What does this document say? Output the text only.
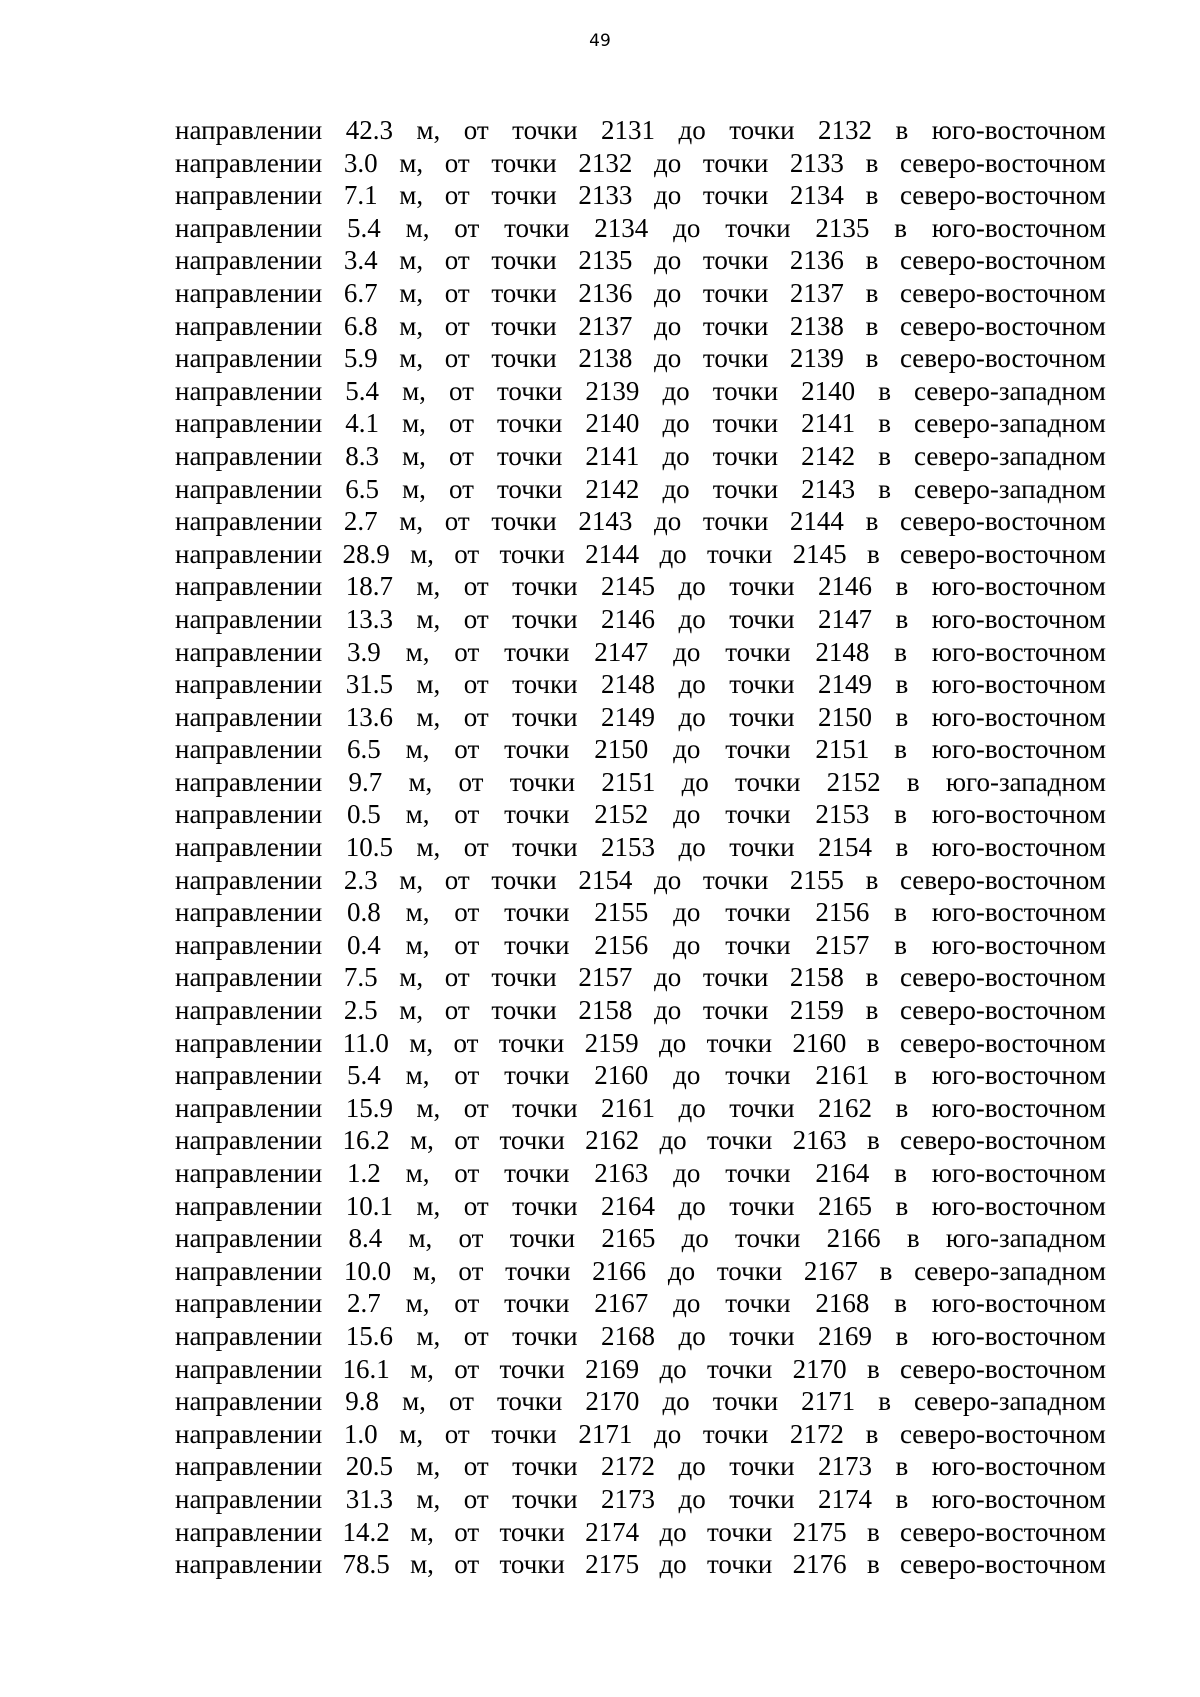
49
направлении 42.3 м, от точки 2131 до точки 2132 в юго-восточном
направлении 3.0 м, от точки 2132 до точки 2133 в северо-восточном
направлении 7.1 м, от точки 2133 до точки 2134 в северо-восточном
направлении 5.4 м, от точки 2134 до точки 2135 в юго-восточном
направлении 3.4 м, от точки 2135 до точки 2136 в северо-восточном
направлении 6.7 м, от точки 2136 до точки 2137 в северо-восточном
направлении 6.8 м, от точки 2137 до точки 2138 в северо-восточном
направлении 5.9 м, от точки 2138 до точки 2139 в северо-восточном
направлении 5.4 м, от точки 2139 до точки 2140 в северо-западном
направлении 4.1 м, от точки 2140 до точки 2141 в северо-западном
направлении 8.3 м, от точки 2141 до точки 2142 в северо-западном
направлении 6.5 м, от точки 2142 до точки 2143 в северо-западном
направлении 2.7 м, от точки 2143 до точки 2144 в северо-восточном
направлении 28.9 м, от точки 2144 до точки 2145 в северо-восточном
направлении 18.7 м, от точки 2145 до точки 2146 в юго-восточном
направлении 13.3 м, от точки 2146 до точки 2147 в юго-восточном
направлении 3.9 м, от точки 2147 до точки 2148 в юго-восточном
направлении 31.5 м, от точки 2148 до точки 2149 в юго-восточном
направлении 13.6 м, от точки 2149 до точки 2150 в юго-восточном
направлении 6.5 м, от точки 2150 до точки 2151 в юго-восточном
направлении 9.7 м, от точки 2151 до точки 2152 в юго-западном
направлении 0.5 м, от точки 2152 до точки 2153 в юго-восточном
направлении 10.5 м, от точки 2153 до точки 2154 в юго-восточном
направлении 2.3 м, от точки 2154 до точки 2155 в северо-восточном
направлении 0.8 м, от точки 2155 до точки 2156 в юго-восточном
направлении 0.4 м, от точки 2156 до точки 2157 в юго-восточном
направлении 7.5 м, от точки 2157 до точки 2158 в северо-восточном
направлении 2.5 м, от точки 2158 до точки 2159 в северо-восточном
направлении 11.0 м, от точки 2159 до точки 2160 в северо-восточном
направлении 5.4 м, от точки 2160 до точки 2161 в юго-восточном
направлении 15.9 м, от точки 2161 до точки 2162 в юго-восточном
направлении 16.2 м, от точки 2162 до точки 2163 в северо-восточном
направлении 1.2 м, от точки 2163 до точки 2164 в юго-восточном
направлении 10.1 м, от точки 2164 до точки 2165 в юго-восточном
направлении 8.4 м, от точки 2165 до точки 2166 в юго-западном
направлении 10.0 м, от точки 2166 до точки 2167 в северо-западном
направлении 2.7 м, от точки 2167 до точки 2168 в юго-восточном
направлении 15.6 м, от точки 2168 до точки 2169 в юго-восточном
направлении 16.1 м, от точки 2169 до точки 2170 в северо-восточном
направлении 9.8 м, от точки 2170 до точки 2171 в северо-западном
направлении 1.0 м, от точки 2171 до точки 2172 в северо-восточном
направлении 20.5 м, от точки 2172 до точки 2173 в юго-восточном
направлении 31.3 м, от точки 2173 до точки 2174 в юго-восточном
направлении 14.2 м, от точки 2174 до точки 2175 в северо-восточном
направлении 78.5 м, от точки 2175 до точки 2176 в северо-восточном
